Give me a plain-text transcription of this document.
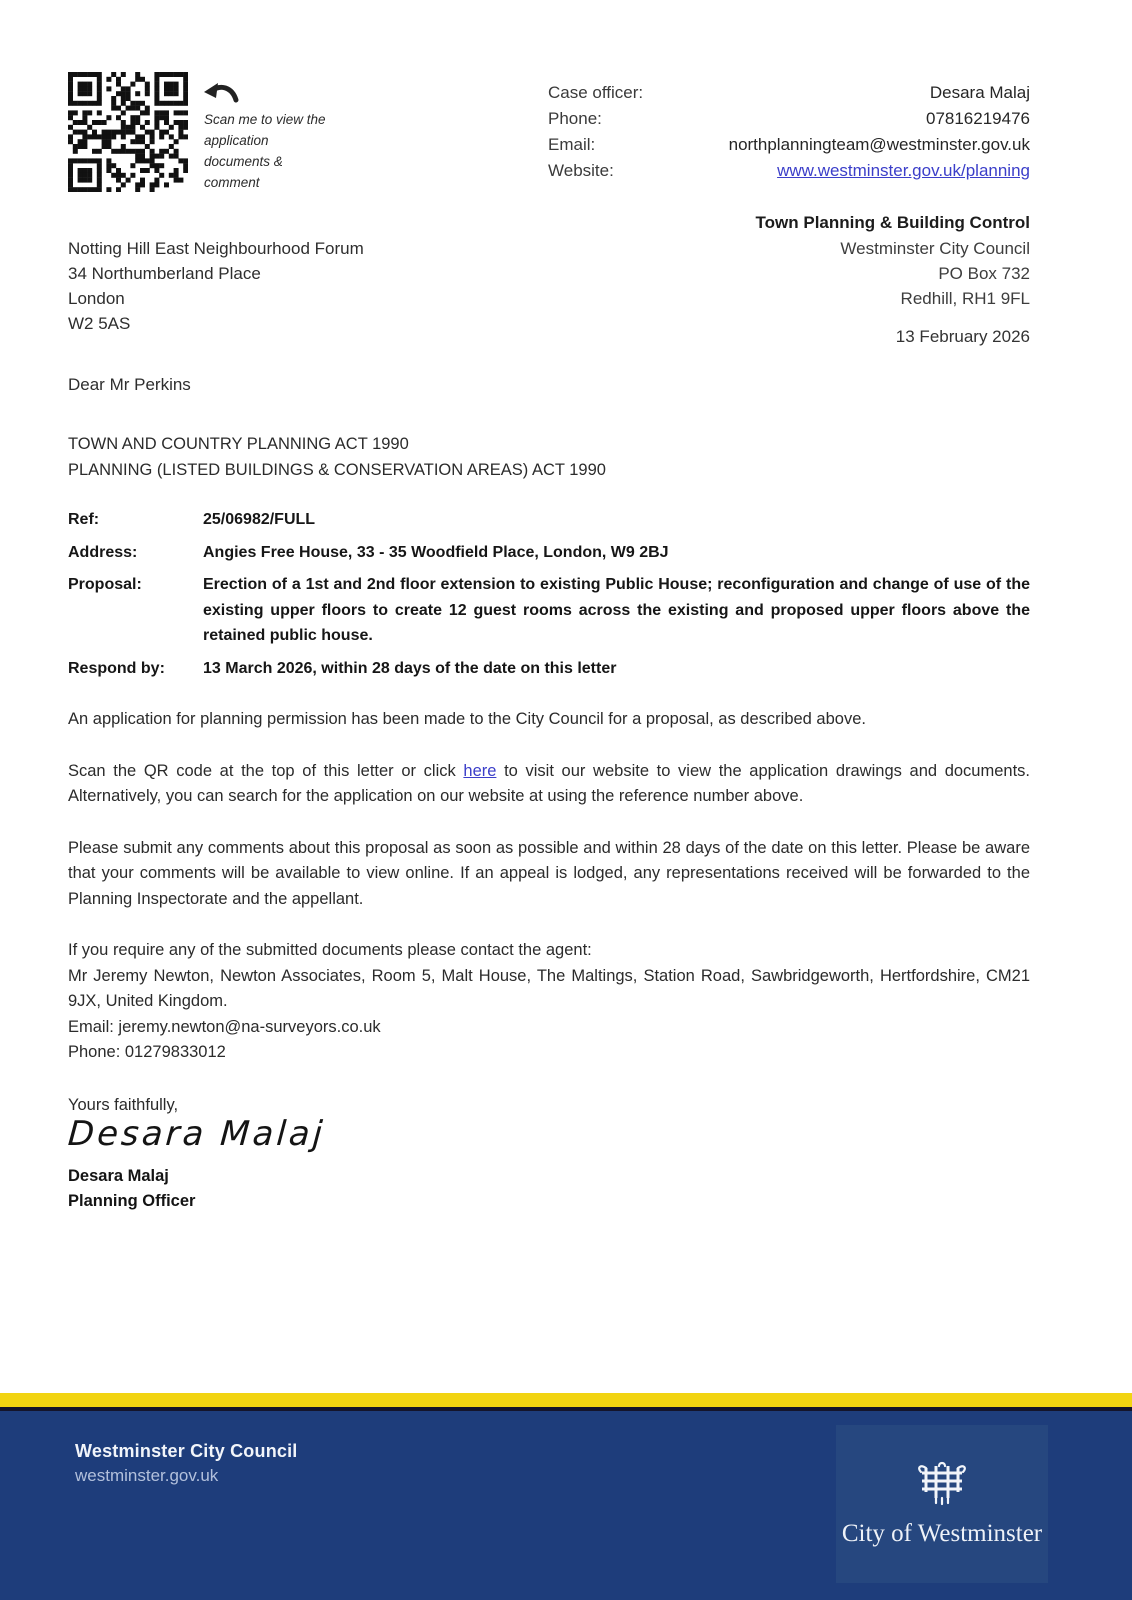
Scan me to view the application documents & comment
Case officer:	Desara Malaj
Phone:	07816219476
Email:	northplanningteam@westminster.gov.uk
Website:	www.westminster.gov.uk/planning
Town Planning & Building Control
Westminster City Council
PO Box 732
Redhill, RH1 9FL
13 February 2026
Notting Hill East Neighbourhood Forum
34 Northumberland Place
London
W2 5AS
Dear Mr Perkins
TOWN AND COUNTRY PLANNING ACT 1990
PLANNING (LISTED BUILDINGS & CONSERVATION AREAS) ACT 1990
Ref:	25/06982/FULL
Address:	Angies Free House, 33 - 35 Woodfield Place, London, W9 2BJ
Proposal:	Erection of a 1st and 2nd floor extension to existing Public House; reconfiguration and change of use of the existing upper floors to create 12 guest rooms across the existing and proposed upper floors above the retained public house.
Respond by:	13 March 2026, within 28 days of the date on this letter
An application for planning permission has been made to the City Council for a proposal, as described above.
Scan the QR code at the top of this letter or click here to visit our website to view the application drawings and documents. Alternatively, you can search for the application on our website at using the reference number above.
Please submit any comments about this proposal as soon as possible and within 28 days of the date on this letter. Please be aware that your comments will be available to view online. If an appeal is lodged, any representations received will be forwarded to the Planning Inspectorate and the appellant.
If you require any of the submitted documents please contact the agent:
Mr Jeremy Newton, Newton Associates, Room 5, Malt House, The Maltings, Station Road, Sawbridgeworth, Hertfordshire, CM21 9JX, United Kingdom.
Email: jeremy.newton@na-surveyors.co.uk
Phone: 01279833012
Yours faithfully,
Desara Malaj
Desara Malaj
Planning Officer
Westminster City Council
westminster.gov.uk
City of Westminster
